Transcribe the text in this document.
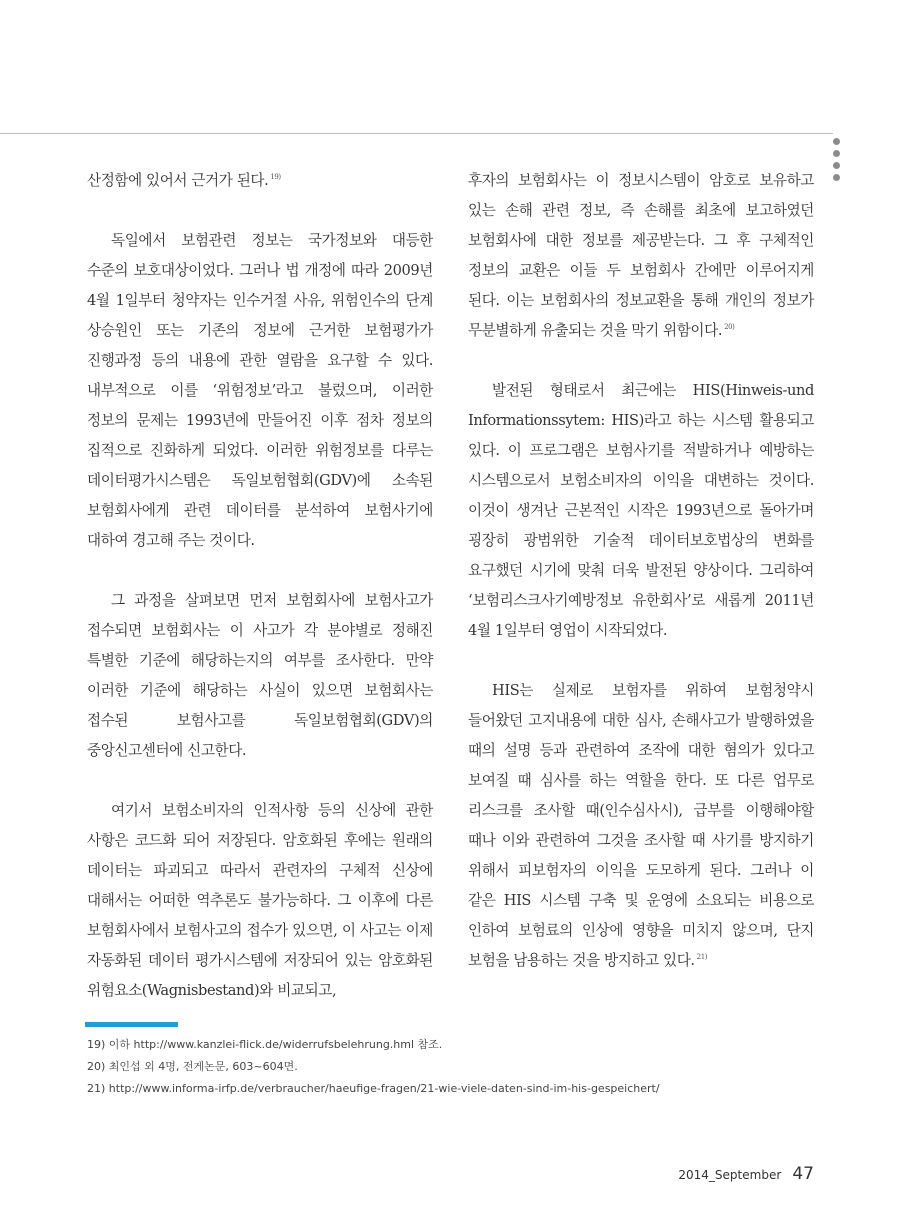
산정함에 있어서 근거가 된다. $^{19)}$

독일에서 보험관련 정보는 국가정보와 대등한 수준의 보호대상이었다. 그러나 법 개정에 따라 2009년 4월 1일부터 청약자는 인수거절 사유, 위험인수의 단계 상승원인 또는 기존의 정보에 근거한 보험평가가 진행과정 등의 내용에 관한 열람을 요구할 수 있다. 내부적으로 이를 ‘위험정보’라고 불렀으며, 이러한 정보의 문제는 1993년에 만들어진 이후 점차 정보의 집적으로 진화하게 되었다. 이러한 위험정보를 다루는 데이터평가시스템은 독일보험협회(GDV)에 소속된 보험회사에게 관련 데이터를 분석하여 보험사기에 대하여 경고해 주는 것이다.

그 과정을 살펴보면 먼저 보험회사에 보험사고가 접수되면 보험회사는 이 사고가 각 분야별로 정해진 특별한 기준에 해당하는지의 여부를 조사한다. 만약 이러한 기준에 해당하는 사실이 있으면 보험회사는 접수된 보험사고를 독일보험협회(GDV)의 중앙신고센터에 신고한다.

여기서 보험소비자의 인적사항 등의 신상에 관한 사항은 코드화 되어 저장된다. 암호화된 후에는 원래의 데이터는 파괴되고 따라서 관련자의 구체적 신상에 대해서는 어떠한 역추론도 불가능하다. 그 이후에 다른 보험회사에서 보험사고의 접수가 있으면, 이 사고는 이제 자동화된 데이터 평가시스템에 저장되어 있는 암호화된 위험요소(Wagnisbestand)와 비교되고,

후자의 보험회사는 이 정보시스템이 암호로 보유하고 있는 손해 관련 정보, 즉 손해를 최초에 보고하였던 보험회사에 대한 정보를 제공받는다. 그 후 구체적인 정보의 교환은 이들 두 보험회사 간에만 이루어지게 된다. 이는 보험회사의 정보교환을 통해 개인의 정보가 무분별하게 유출되는 것을 막기 위함이다. $^{20)}$

발전된 형태로서 최근에는 HIS(Hinweis-und Informationssytem: HIS)라고 하는 시스템 활용되고 있다. 이 프로그램은 보험사기를 적발하거나 예방하는 시스템으로서 보험소비자의 이익을 대변하는 것이다. 이것이 생겨난 근본적인 시작은 1993년으로 돌아가며 굉장히 광범위한 기술적 데이터보호법상의 변화를 요구했던 시기에 맞춰 더욱 발전된 양상이다. 그리하여 ‘보험리스크사기예방정보 유한회사’로 새롭게 2011년 4월 1일부터 영업이 시작되었다.

HIS는 실제로 보험자를 위하여 보험청약시 들어왔던 고지내용에 대한 심사, 손해사고가 발행하였을 때의 설명 등과 관련하여 조작에 대한 혐의가 있다고 보여질 때 심사를 하는 역할을 한다. 또 다른 업무로 리스크를 조사할 때(인수심사시), 급부를 이행해야할 때나 이와 관련하여 그것을 조사할 때 사기를 방지하기 위해서 피보험자의 이익을 도모하게 된다. 그러나 이 같은 HIS 시스템 구축 및 운영에 소요되는 비용으로 인하여 보험료의 인상에 영향을 미치지 않으며, 단지 보험을 남용하는 것을 방지하고 있다. $^{21)}$

19) 이하 http://www.kanzlei-flick.de/widerrufsbelehrung.hml 참조.
20) 최인섭 외 4명, 전게논문, 603~604면.
21) http://www.informa-irfp.de/verbraucher/haeufige-fragen/21-wie-viele-daten-sind-im-his-gespeichert/
2014_September 47
